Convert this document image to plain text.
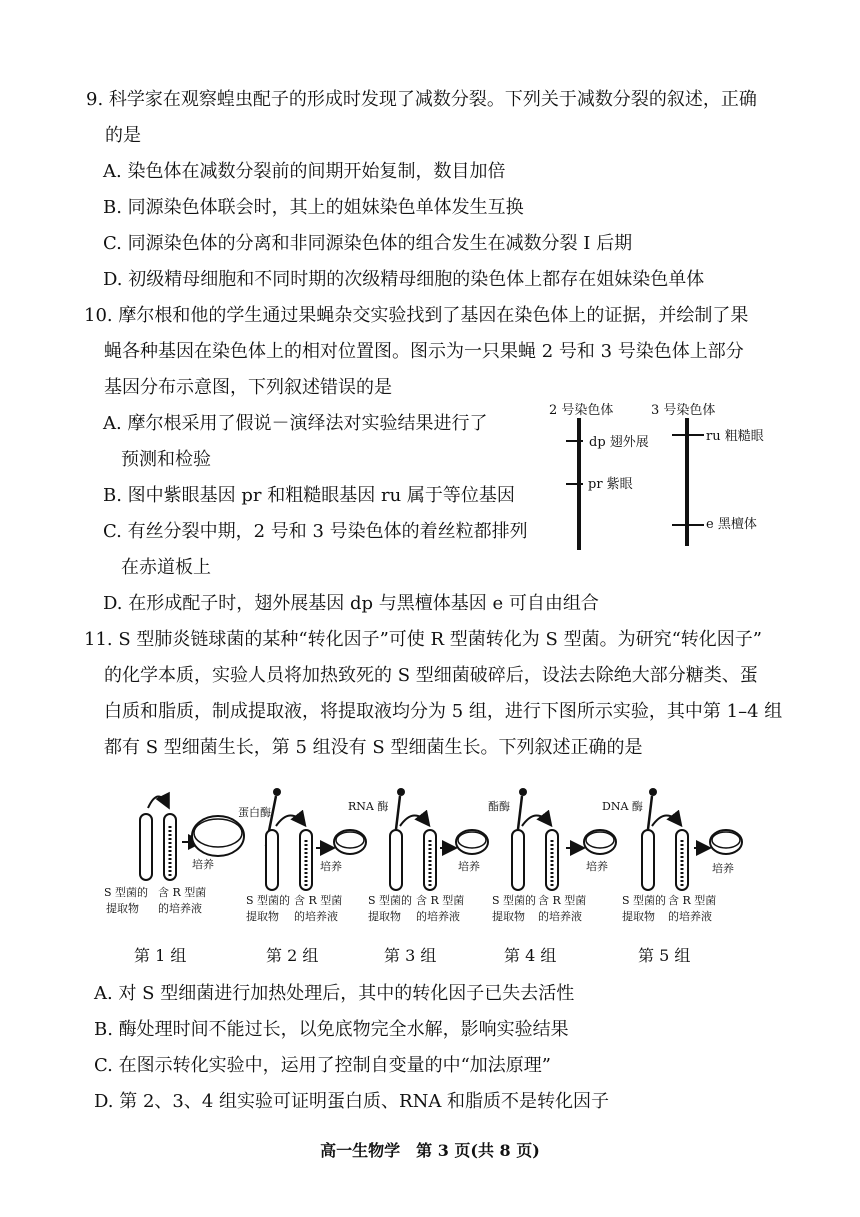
9. 科学家在观察蝗虫配子的形成时发现了减数分裂。下列关于减数分裂的叙述，正确
的是
A. 染色体在减数分裂前的间期开始复制，数目加倍
B. 同源染色体联会时，其上的姐妹染色单体发生互换
C. 同源染色体的分离和非同源染色体的组合发生在减数分裂 I 后期
D. 初级精母细胞和不同时期的次级精母细胞的染色体上都存在姐妹染色单体
10. 摩尔根和他的学生通过果蝇杂交实验找到了基因在染色体上的证据，并绘制了果
蝇各种基因在染色体上的相对位置图。图示为一只果蝇 2 号和 3 号染色体上部分
基因分布示意图，下列叙述错误的是
A. 摩尔根采用了假说－演绎法对实验结果进行了
预测和检验
B. 图中紫眼基因 pr 和粗糙眼基因 ru 属于等位基因
C. 有丝分裂中期，2 号和 3 号染色体的着丝粒都排列
在赤道板上
D. 在形成配子时，翅外展基因 dp 与黑檀体基因 e 可自由组合
2 号染色体	3 号染色体
dp 翅外展
pr 紫眼
ru 粗糙眼
e 黑檀体
11. S 型肺炎链球菌的某种“转化因子”可使 R 型菌转化为 S 型菌。为研究“转化因子”
的化学本质，实验人员将加热致死的 S 型细菌破碎后，设法去除绝大部分糖类、蛋
白质和脂质，制成提取液，将提取液均分为 5 组，进行下图所示实验，其中第 1–4 组
都有 S 型细菌生长，第 5 组没有 S 型细菌生长。下列叙述正确的是
蛋白酶	RNA 酶	酯酶	DNA 酶
培养	培养	培养	培养	培养
S 型菌的
提取物
含 R 型菌
的培养液
S 型菌的
提取物
含 R 型菌
的培养液
S 型菌的
提取物
含 R 型菌
的培养液
S 型菌的
提取物
含 R 型菌
的培养液
S 型菌的
提取物
含 R 型菌
的培养液
第 1 组	第 2 组	第 3 组	第 4 组	第 5 组
A. 对 S 型细菌进行加热处理后，其中的转化因子已失去活性
B. 酶处理时间不能过长，以免底物完全水解，影响实验结果
C. 在图示转化实验中，运用了控制自变量的中“加法原理”
D. 第 2、3、4 组实验可证明蛋白质、RNA 和脂质不是转化因子
高一生物学　第 3 页(共 8 页)
